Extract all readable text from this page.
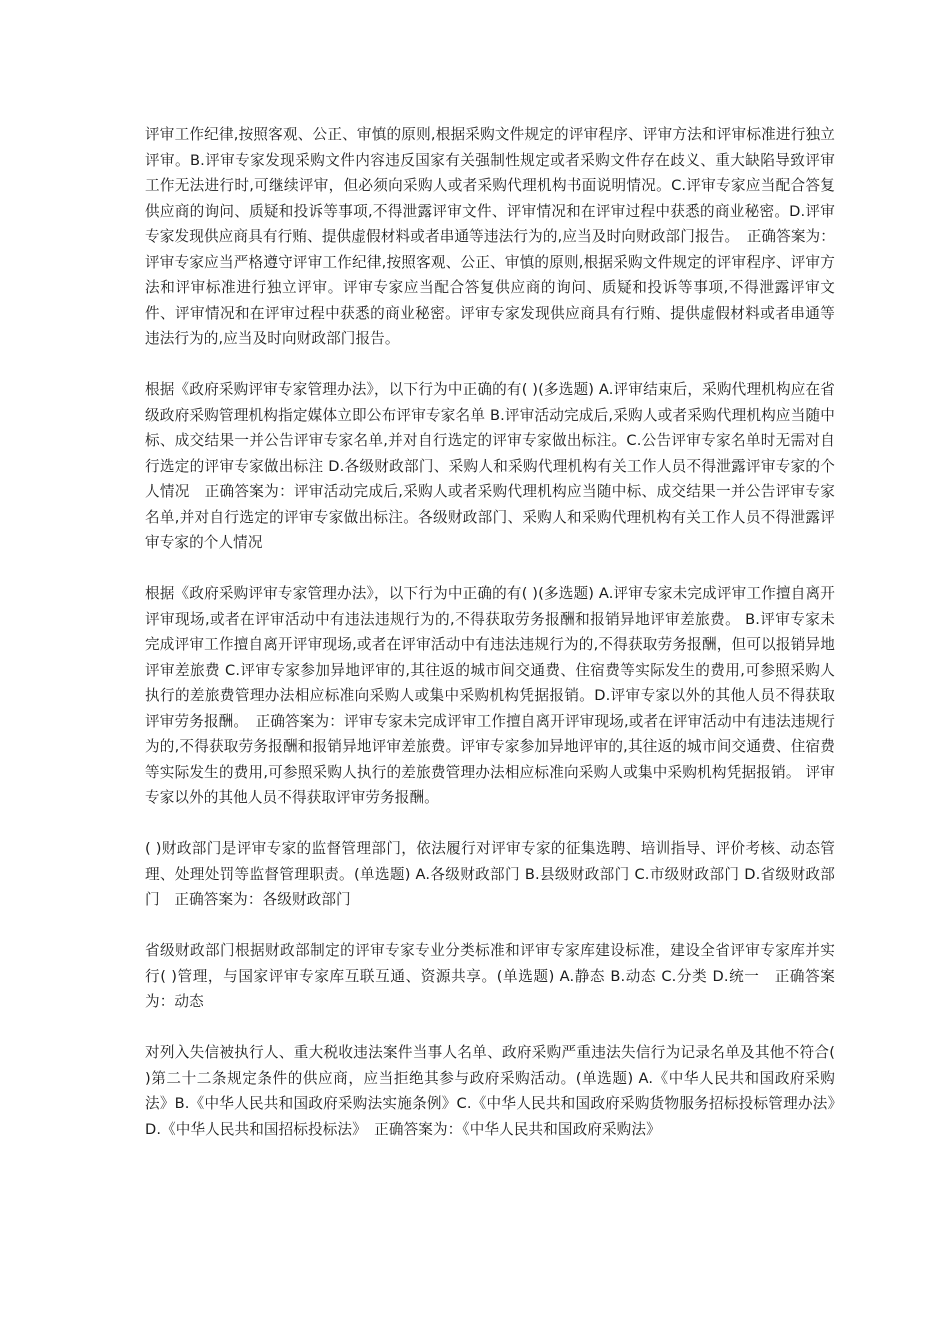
评审工作纪律,按照客观、公正、审慎的原则,根据采购文件规定的评审程序、评审方法和评审标准进行独立评审。B.评审专家发现采购文件内容违反国家有关强制性规定或者采购文件存在歧义、重大缺陷导致评审工作无法进行时,可继续评审，但必须向采购人或者采购代理机构书面说明情况。C.评审专家应当配合答复供应商的询问、质疑和投诉等事项,不得泄露评审文件、评审情况和在评审过程中获悉的商业秘密。D.评审专家发现供应商具有行贿、提供虚假材料或者串通等违法行为的,应当及时向财政部门报告。　正确答案为：评审专家应当严格遵守评审工作纪律,按照客观、公正、审慎的原则,根据采购文件规定的评审程序、评审方法和评审标准进行独立评审。评审专家应当配合答复供应商的询问、质疑和投诉等事项,不得泄露评审文件、评审情况和在评审过程中获悉的商业秘密。评审专家发现供应商具有行贿、提供虚假材料或者串通等违法行为的,应当及时向财政部门报告。

根据《政府采购评审专家管理办法》，以下行为中正确的有( )(多选题) A.评审结束后，采购代理机构应在省级政府采购管理机构指定媒体立即公布评审专家名单 B.评审活动完成后,采购人或者采购代理机构应当随中标、成交结果一并公告评审专家名单,并对自行选定的评审专家做出标注。C.公告评审专家名单时无需对自行选定的评审专家做出标注 D.各级财政部门、采购人和采购代理机构有关工作人员不得泄露评审专家的个人情况　正确答案为：评审活动完成后,采购人或者采购代理机构应当随中标、成交结果一并公告评审专家名单,并对自行选定的评审专家做出标注。各级财政部门、采购人和采购代理机构有关工作人员不得泄露评审专家的个人情况

根据《政府采购评审专家管理办法》，以下行为中正确的有( )(多选题) A.评审专家未完成评审工作擅自离开评审现场,或者在评审活动中有违法违规行为的,不得获取劳务报酬和报销异地评审差旅费。 B.评审专家未完成评审工作擅自离开评审现场,或者在评审活动中有违法违规行为的,不得获取劳务报酬，但可以报销异地评审差旅费 C.评审专家参加异地评审的,其往返的城市间交通费、住宿费等实际发生的费用,可参照采购人执行的差旅费管理办法相应标准向采购人或集中采购机构凭据报销。D.评审专家以外的其他人员不得获取评审劳务报酬。　正确答案为：评审专家未完成评审工作擅自离开评审现场,或者在评审活动中有违法违规行为的,不得获取劳务报酬和报销异地评审差旅费。评审专家参加异地评审的,其往返的城市间交通费、住宿费等实际发生的费用,可参照采购人执行的差旅费管理办法相应标准向采购人或集中采购机构凭据报销。 评审专家以外的其他人员不得获取评审劳务报酬。

( )财政部门是评审专家的监督管理部门，依法履行对评审专家的征集选聘、培训指导、评价考核、动态管理、处理处罚等监督管理职责。(单选题) A.各级财政部门 B.县级财政部门 C.市级财政部门 D.省级财政部门　正确答案为：各级财政部门

省级财政部门根据财政部制定的评审专家专业分类标准和评审专家库建设标准，建设全省评审专家库并实行( )管理，与国家评审专家库互联互通、资源共享。(单选题) A.静态 B.动态 C.分类 D.统一　正确答案为：动态

对列入失信被执行人、重大税收违法案件当事人名单、政府采购严重违法失信行为记录名单及其他不符合( )第二十二条规定条件的供应商，应当拒绝其参与政府采购活动。(单选题) A.《中华人民共和国政府采购法》B.《中华人民共和国政府采购法实施条例》C.《中华人民共和国政府采购货物服务招标投标管理办法》D.《中华人民共和国招标投标法》　正确答案为：《中华人民共和国政府采购法》
